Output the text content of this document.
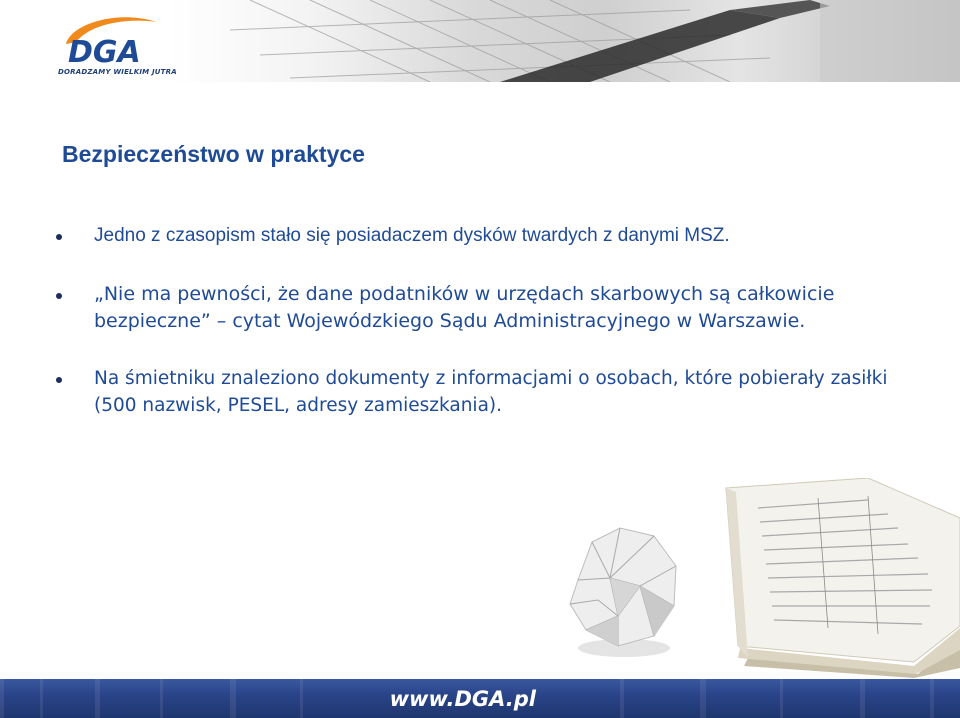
DGA
DORADZAMY WIELKIM JUTRA
Bezpieczeństwo w praktyce
Jedno z czasopism stało się posiadaczem dysków twardych z danymi MSZ.
„Nie ma pewności, że dane podatników w urzędach skarbowych są całkowicie bezpieczne” – cytat Wojewódzkiego Sądu Administracyjnego w Warszawie.
Na śmietniku znaleziono dokumenty z informacjami o osobach, które pobierały zasiłki (500 nazwisk, PESEL, adresy zamieszkania).
www.DGA.pl
